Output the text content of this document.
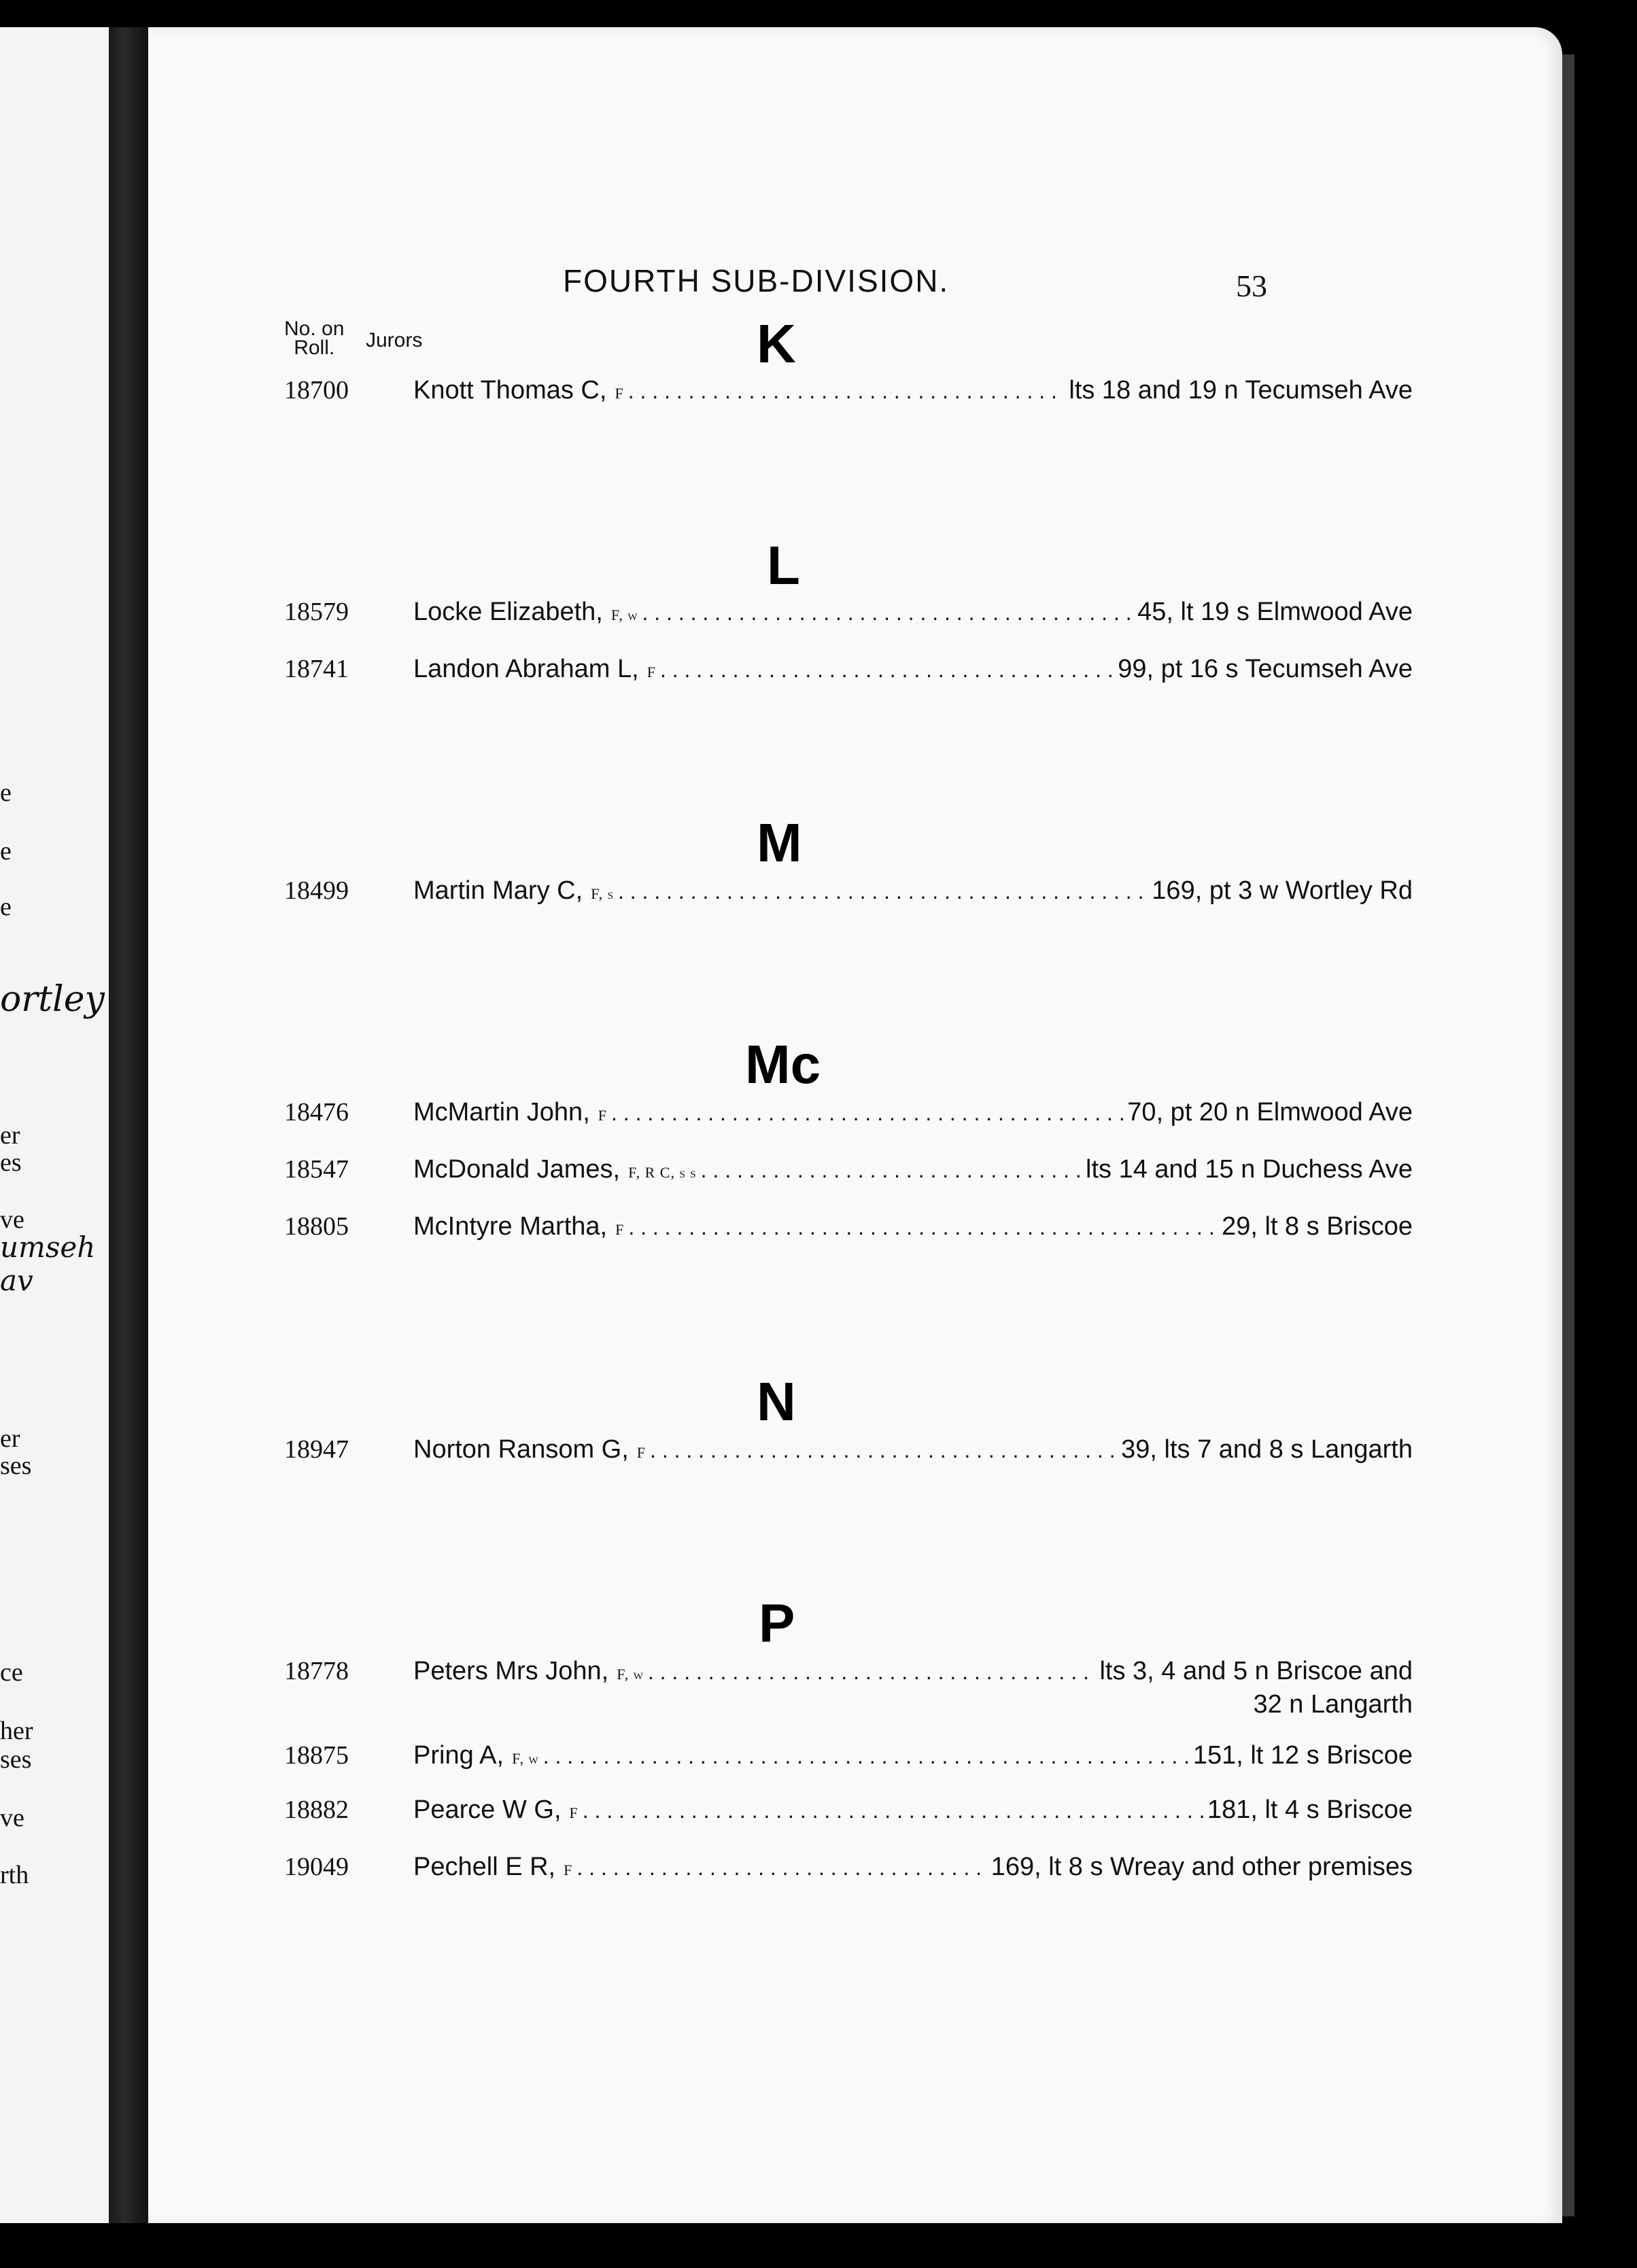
e
e
e
ortley
er
es
ve
umseh av
er
ses
ce
her
ses
ve
rth
FOURTH SUB-DIVISION.	53
No. on
Roll.	Jurors	K
18700	Knott Thomas C, F . . .	lts 18 and 19 n Tecumseh Ave
L
18579	Locke Elizabeth, F, w . . .	45, lt 19 s Elmwood Ave
18741	Landon Abraham L, F . . .	99, pt 16 s Tecumseh Ave
M
18499	Martin Mary C, F, s . . .	169, pt 3 w Wortley Rd
Mc
18476	McMartin John, F . . .	70, pt 20 n Elmwood Ave
18547	McDonald James, F, R C, s s . . .	lts 14 and 15 n Duchess Ave
18805	McIntyre Martha, F . . .	29, lt 8 s Briscoe
N
18947	Norton Ransom G, F . . .	39, lts 7 and 8 s Langarth
P
18778	Peters Mrs John, F, w . . .	lts 3, 4 and 5 n Briscoe and
32 n Langarth
18875	Pring A, F, w . . .	151, lt 12 s Briscoe
18882	Pearce W G, F . . .	181, lt 4 s Briscoe
19049	Pechell E R, F . . .	169, lt 8 s Wreay and other premises
